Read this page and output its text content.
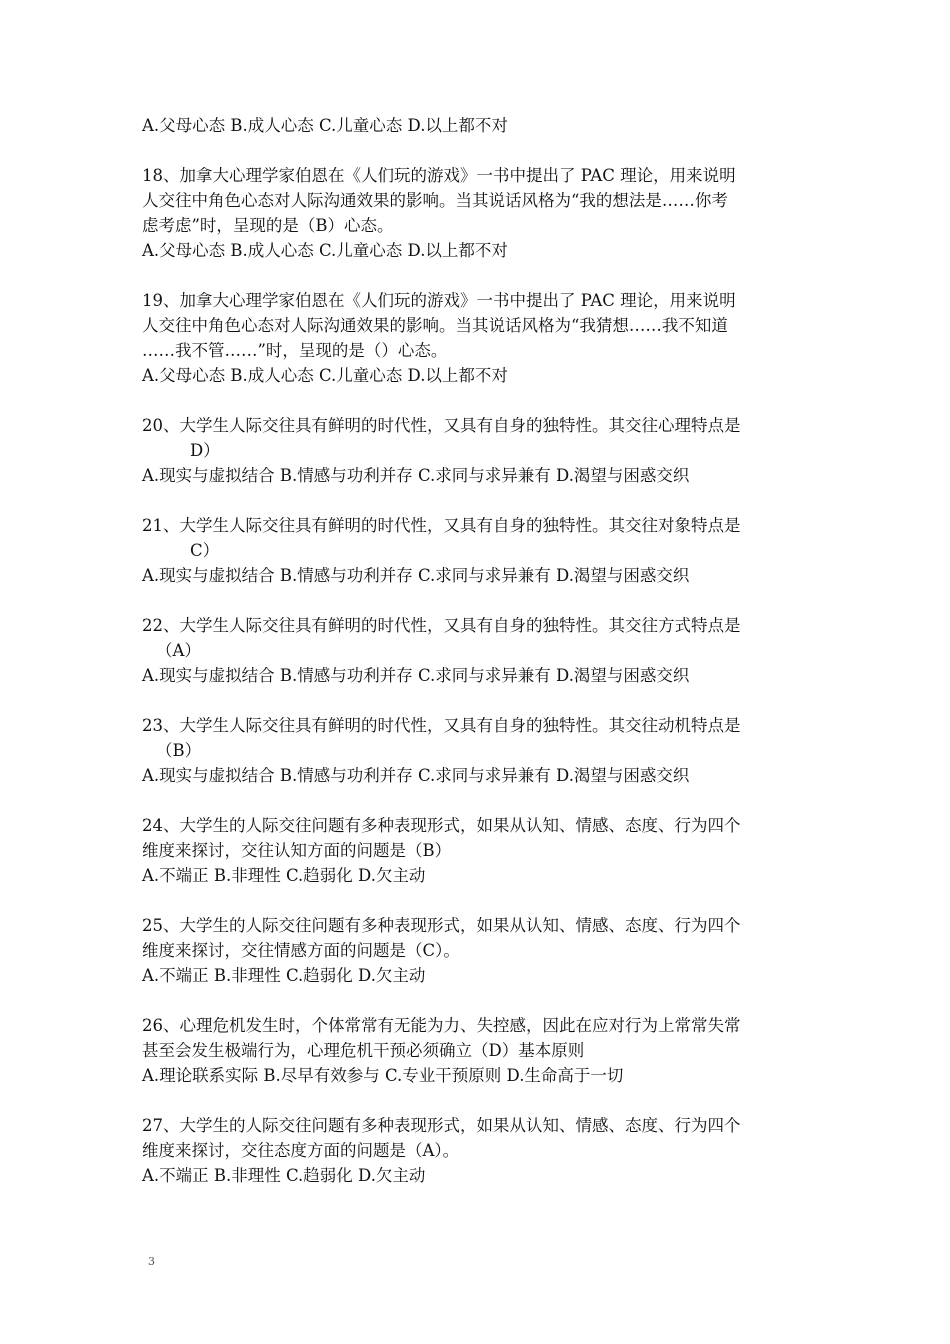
A.父母心态 B.成人心态 C.儿童心态 D.以上都不对
18、加拿大心理学家伯恩在《人们玩的游戏》一书中提出了 PAC 理论，用来说明
人交往中角色心态对人际沟通效果的影响。当其说话风格为“我的想法是……你考
虑考虑”时，呈现的是（B）心态。
A.父母心态 B.成人心态 C.儿童心态 D.以上都不对
19、加拿大心理学家伯恩在《人们玩的游戏》一书中提出了 PAC 理论，用来说明
人交往中角色心态对人际沟通效果的影响。当其说话风格为“我猜想……我不知道
……我不管……”时，呈现的是（）心态。
A.父母心态 B.成人心态 C.儿童心态 D.以上都不对
20、大学生人际交往具有鲜明的时代性，又具有自身的独特性。其交往心理特点是
D）
A.现实与虚拟结合 B.情感与功利并存 C.求同与求异兼有 D.渴望与困惑交织
21、大学生人际交往具有鲜明的时代性，又具有自身的独特性。其交往对象特点是
C）
A.现实与虚拟结合 B.情感与功利并存 C.求同与求异兼有 D.渴望与困惑交织
22、大学生人际交往具有鲜明的时代性，又具有自身的独特性。其交往方式特点是
（A）
A.现实与虚拟结合 B.情感与功利并存 C.求同与求异兼有 D.渴望与困惑交织
23、大学生人际交往具有鲜明的时代性，又具有自身的独特性。其交往动机特点是
（B）
A.现实与虚拟结合 B.情感与功利并存 C.求同与求异兼有 D.渴望与困惑交织
24、大学生的人际交往问题有多种表现形式，如果从认知、情感、态度、行为四个
维度来探讨，交往认知方面的问题是（B）
A.不端正 B.非理性 C.趋弱化 D.欠主动
25、大学生的人际交往问题有多种表现形式，如果从认知、情感、态度、行为四个
维度来探讨，交往情感方面的问题是（C）。
A.不端正 B.非理性 C.趋弱化 D.欠主动
26、心理危机发生时，个体常常有无能为力、失控感，因此在应对行为上常常失常
甚至会发生极端行为，心理危机干预必须确立（D）基本原则
A.理论联系实际 B.尽早有效参与 C.专业干预原则 D.生命高于一切
27、大学生的人际交往问题有多种表现形式，如果从认知、情感、态度、行为四个
维度来探讨，交往态度方面的问题是（A）。
A.不端正 B.非理性 C.趋弱化 D.欠主动
3
